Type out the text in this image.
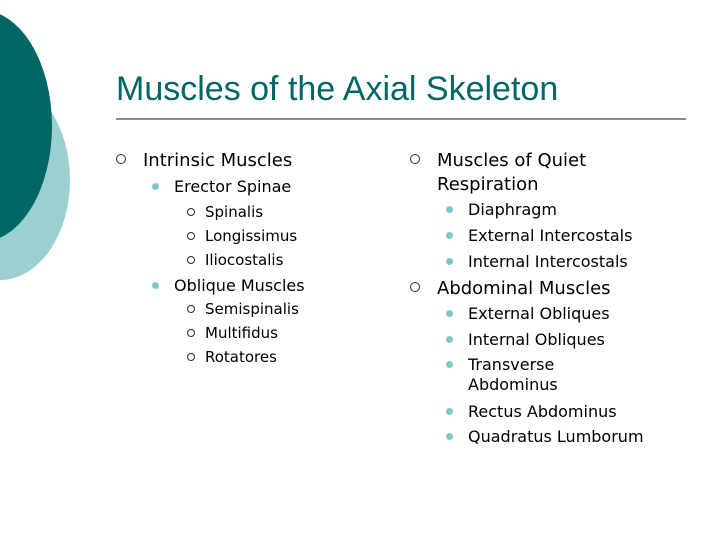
Muscles of the Axial Skeleton
Intrinsic Muscles
Erector Spinae
Spinalis
Longissimus
Iliocostalis
Oblique Muscles
Semispinalis
Multifidus
Rotatores
Muscles of Quiet
Respiration
Diaphragm
External Intercostals
Internal Intercostals
Abdominal Muscles
External Obliques
Internal Obliques
Transverse
Abdominus
Rectus Abdominus
Quadratus Lumborum
